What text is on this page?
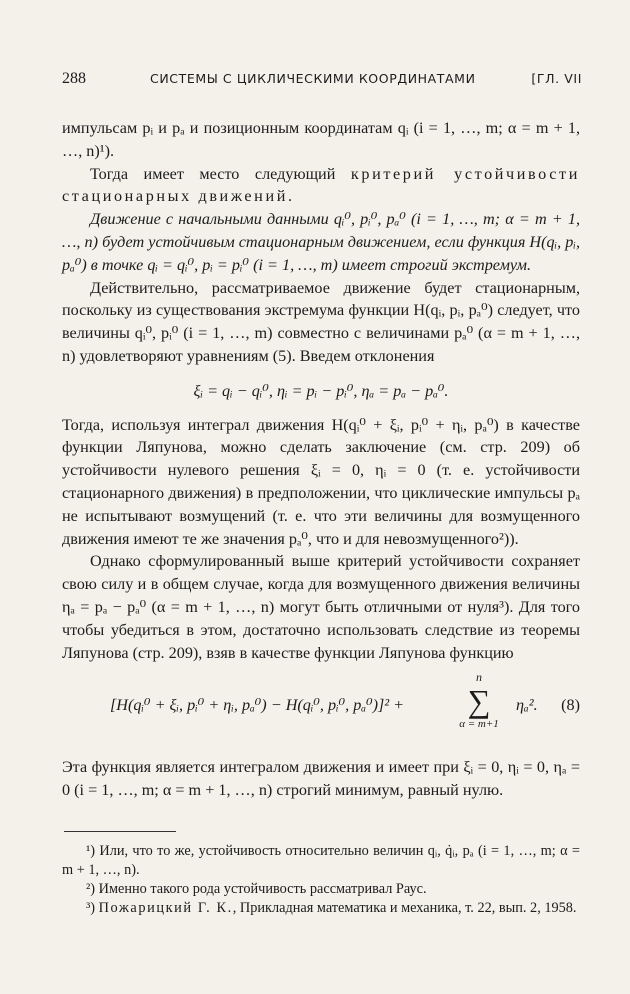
288	СИСТЕМЫ С ЦИКЛИЧЕСКИМИ КООРДИНАТАМИ	[ГЛ. VII

импульсам pᵢ и pₐ и позиционным координатам qᵢ (i = 1, …, m; α = m + 1, …, n)¹).

Тогда имеет место следующий критерий устойчивости стационарных движений.

Движение с начальными данными qᵢ⁰, pᵢ⁰, pₐ⁰ (i = 1, …, m; α = m + 1, …, n) будет устойчивым стационарным движением, если функция H(qᵢ, pᵢ, pₐ⁰) в точке qᵢ = qᵢ⁰, pᵢ = pᵢ⁰ (i = 1, …, m) имеет строгий экстремум.

Действительно, рассматриваемое движение будет стационарным, поскольку из существования экстремума функции H(qᵢ, pᵢ, pₐ⁰) следует, что величины qᵢ⁰, pᵢ⁰ (i = 1, …, m) совместно с величинами pₐ⁰ (α = m + 1, …, n) удовлетворяют уравнениям (5). Введем отклонения

ξᵢ = qᵢ − qᵢ⁰, ηᵢ = pᵢ − pᵢ⁰, ηₐ = pₐ − pₐ⁰.

Тогда, используя интеграл движения H(qᵢ⁰ + ξᵢ, pᵢ⁰ + ηᵢ, pₐ⁰) в качестве функции Ляпунова, можно сделать заключение (см. стр. 209) об устойчивости нулевого решения ξᵢ = 0, ηᵢ = 0 (т. е. устойчивости стационарного движения) в предположении, что циклические импульсы pₐ не испытывают возмущений (т. е. что эти величины для возмущенного движения имеют те же значения pₐ⁰, что и для невозмущенного²)).

Однако сформулированный выше критерий устойчивости сохраняет свою силу и в общем случае, когда для возмущенного движения величины ηₐ = pₐ − pₐ⁰ (α = m + 1, …, n) могут быть отличными от нуля³). Для того чтобы убедиться в этом, достаточно использовать следствие из теоремы Ляпунова (стр. 209), взяв в качестве функции Ляпунова функцию

[H(qᵢ⁰ + ξᵢ, pᵢ⁰ + ηᵢ, pₐ⁰) − H(qᵢ⁰, pᵢ⁰, pₐ⁰)]² +
n
∑
α = m+1
ηₐ². (8)

Эта функция является интегралом движения и имеет при ξᵢ = 0, ηᵢ = 0, ηₐ = 0 (i = 1, …, m; α = m + 1, …, n) строгий минимум, равный нулю.

¹) Или, что то же, устойчивость относительно величин qᵢ, q̇ᵢ, pₐ (i = 1, …, m; α = m + 1, …, n).

²) Именно такого рода устойчивость рассматривал Раус.

³) Пожарицкий Г. К., Прикладная математика и механика, т. 22, вып. 2, 1958.
